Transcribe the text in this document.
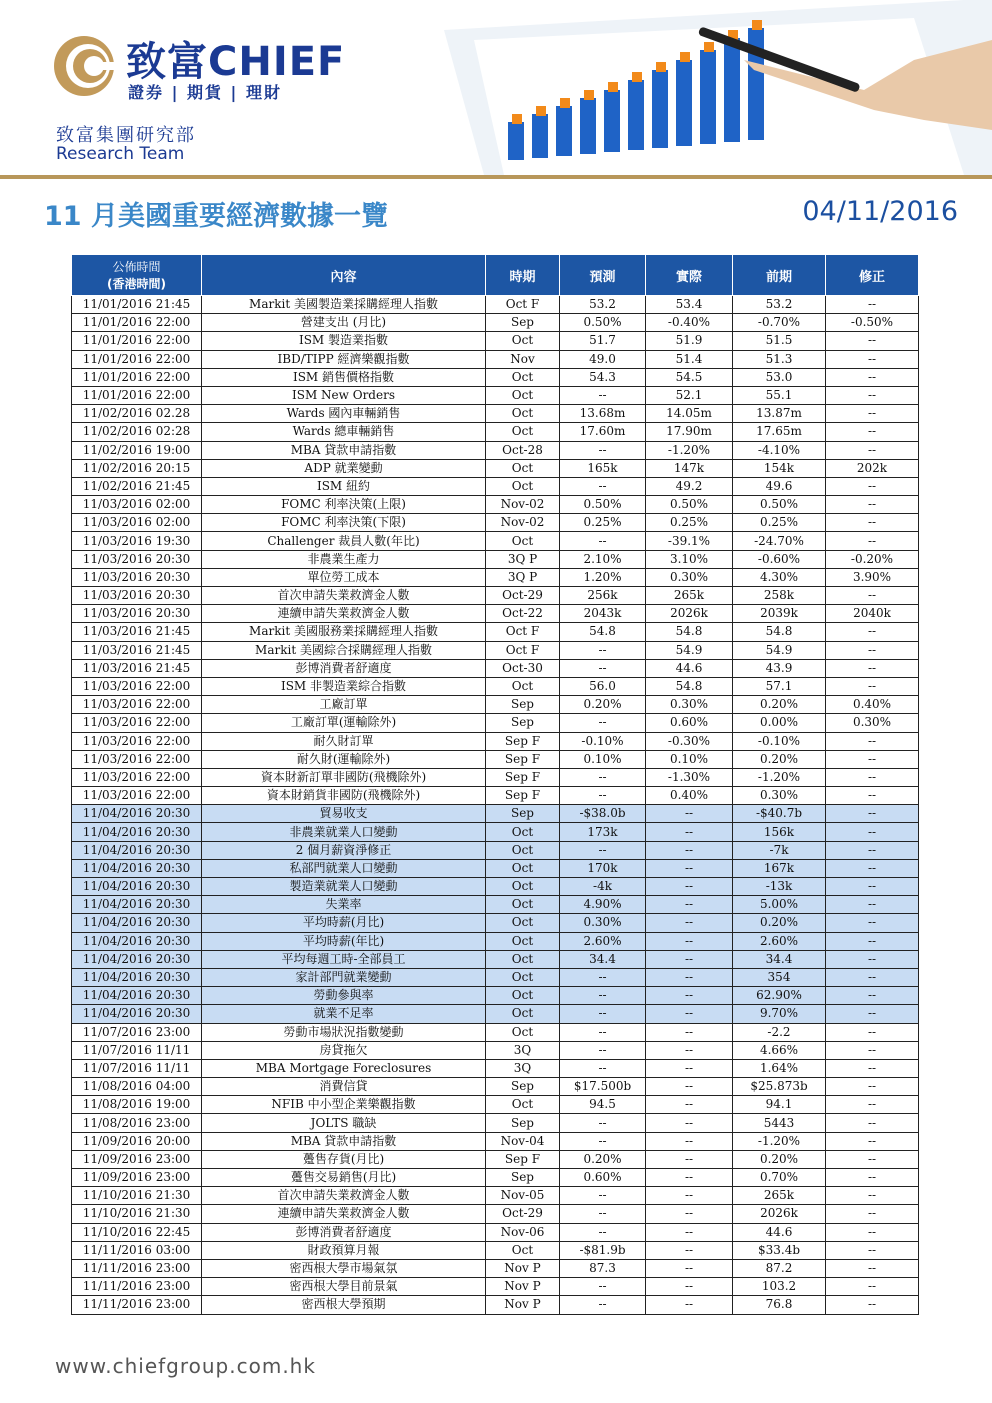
致富CHIEF
證券 | 期貨 | 理財
致富集團研究部
Research Team
11 月美國重要經濟數據一覽	04/11/2016
公佈時間
(香港時間)	內容	時期	預測	實際	前期	修正
11/01/2016 21:45	Markit 美國製造業採購經理人指數	Oct F	53.2	53.4	53.2	--
11/01/2016 22:00	營建支出 (月比)	Sep	0.50%	-0.40%	-0.70%	-0.50%
11/01/2016 22:00	ISM 製造業指數	Oct	51.7	51.9	51.5	--
11/01/2016 22:00	IBD/TIPP 經濟樂觀指數	Nov	49.0	51.4	51.3	--
11/01/2016 22:00	ISM 銷售價格指數	Oct	54.3	54.5	53.0	--
11/01/2016 22:00	ISM New Orders	Oct	--	52.1	55.1	--
11/02/2016 02.28	Wards 國內車輛銷售	Oct	13.68m	14.05m	13.87m	--
11/02/2016 02:28	Wards 總車輛銷售	Oct	17.60m	17.90m	17.65m	--
11/02/2016 19:00	MBA 貸款申請指數	Oct-28	--	-1.20%	-4.10%	--
11/02/2016 20:15	ADP 就業變動	Oct	165k	147k	154k	202k
11/02/2016 21:45	ISM 紐約	Oct	--	49.2	49.6	--
11/03/2016 02:00	FOMC 利率決策(上限)	Nov-02	0.50%	0.50%	0.50%	--
11/03/2016 02:00	FOMC 利率決策(下限)	Nov-02	0.25%	0.25%	0.25%	--
11/03/2016 19:30	Challenger 裁員人數(年比)	Oct	--	-39.1%	-24.70%	--
11/03/2016 20:30	非農業生產力	3Q P	2.10%	3.10%	-0.60%	-0.20%
11/03/2016 20:30	單位勞工成本	3Q P	1.20%	0.30%	4.30%	3.90%
11/03/2016 20:30	首次申請失業救濟金人數	Oct-29	256k	265k	258k	--
11/03/2016 20:30	連續申請失業救濟金人數	Oct-22	2043k	2026k	2039k	2040k
11/03/2016 21:45	Markit 美國服務業採購經理人指數	Oct F	54.8	54.8	54.8	--
11/03/2016 21:45	Markit 美國綜合採購經理人指數	Oct F	--	54.9	54.9	--
11/03/2016 21:45	彭博消費者舒適度	Oct-30	--	44.6	43.9	--
11/03/2016 22:00	ISM 非製造業綜合指數	Oct	56.0	54.8	57.1	--
11/03/2016 22:00	工廠訂單	Sep	0.20%	0.30%	0.20%	0.40%
11/03/2016 22:00	工廠訂單(運輸除外)	Sep	--	0.60%	0.00%	0.30%
11/03/2016 22:00	耐久財訂單	Sep F	-0.10%	-0.30%	-0.10%	--
11/03/2016 22:00	耐久財(運輸除外)	Sep F	0.10%	0.10%	0.20%	--
11/03/2016 22:00	資本財新訂單非國防(飛機除外)	Sep F	--	-1.30%	-1.20%	--
11/03/2016 22:00	資本財銷貨非國防(飛機除外)	Sep F	--	0.40%	0.30%	--
11/04/2016 20:30	貿易收支	Sep	-$38.0b	--	-$40.7b	--
11/04/2016 20:30	非農業就業人口變動	Oct	173k	--	156k	--
11/04/2016 20:30	2 個月薪資淨修正	Oct	--	--	-7k	--
11/04/2016 20:30	私部門就業人口變動	Oct	170k	--	167k	--
11/04/2016 20:30	製造業就業人口變動	Oct	-4k	--	-13k	--
11/04/2016 20:30	失業率	Oct	4.90%	--	5.00%	--
11/04/2016 20:30	平均時薪(月比)	Oct	0.30%	--	0.20%	--
11/04/2016 20:30	平均時薪(年比)	Oct	2.60%	--	2.60%	--
11/04/2016 20:30	平均每週工時-全部員工	Oct	34.4	--	34.4	--
11/04/2016 20:30	家計部門就業變動	Oct	--	--	354	--
11/04/2016 20:30	勞動參與率	Oct	--	--	62.90%	--
11/04/2016 20:30	就業不足率	Oct	--	--	9.70%	--
11/07/2016 23:00	勞動市場狀況指數變動	Oct	--	--	-2.2	--
11/07/2016 11/11	房貸拖欠	3Q	--	--	4.66%	--
11/07/2016 11/11	MBA Mortgage Foreclosures	3Q	--	--	1.64%	--
11/08/2016 04:00	消費信貸	Sep	$17.500b	--	$25.873b	--
11/08/2016 19:00	NFIB 中小型企業樂觀指數	Oct	94.5	--	94.1	--
11/08/2016 23:00	JOLTS 職缺	Sep	--	--	5443	--
11/09/2016 20:00	MBA 貸款申請指數	Nov-04	--	--	-1.20%	--
11/09/2016 23:00	躉售存貨(月比)	Sep F	0.20%	--	0.20%	--
11/09/2016 23:00	躉售交易銷售(月比)	Sep	0.60%	--	0.70%	--
11/10/2016 21:30	首次申請失業救濟金人數	Nov-05	--	--	265k	--
11/10/2016 21:30	連續申請失業救濟金人數	Oct-29	--	--	2026k	--
11/10/2016 22:45	彭博消費者舒適度	Nov-06	--	--	44.6	--
11/11/2016 03:00	財政預算月報	Oct	-$81.9b	--	$33.4b	--
11/11/2016 23:00	密西根大學市場氣氛	Nov P	87.3	--	87.2	--
11/11/2016 23:00	密西根大學目前景氣	Nov P	--	--	103.2	--
11/11/2016 23:00	密西根大學預期	Nov P	--	--	76.8	--
www.chiefgroup.com.hk
